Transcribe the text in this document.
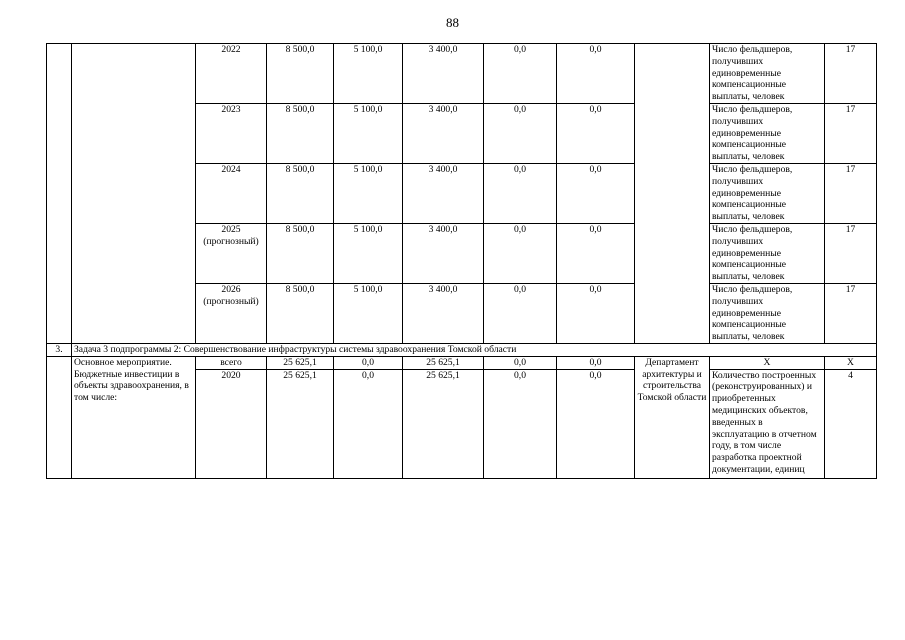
88
		2022	8 500,0	5 100,0	3 400,0	0,0	0,0		Число фельдшеров, получивших единовременные компенсационные выплаты, человек	17
		2023	8 500,0	5 100,0	3 400,0	0,0	0,0		Число фельдшеров, получивших единовременные компенсационные выплаты, человек	17
		2024	8 500,0	5 100,0	3 400,0	0,0	0,0		Число фельдшеров, получивших единовременные компенсационные выплаты, человек	17
		2025 (прогнозный)	8 500,0	5 100,0	3 400,0	0,0	0,0		Число фельдшеров, получивших единовременные компенсационные выплаты, человек	17
		2026 (прогнозный)	8 500,0	5 100,0	3 400,0	0,0	0,0		Число фельдшеров, получивших единовременные компенсационные выплаты, человек	17
3.	Задача 3 подпрограммы 2: Совершенствование инфраструктуры системы здравоохранения Томской области									
	Основное мероприятие. Бюджетные инвестиции в объекты здравоохранения, в том числе:	всего	25 625,1	0,0	25 625,1	0,0	0,0	Департамент архитектуры и строительства Томской области	X	X
		2020	25 625,1	0,0	25 625,1	0,0	0,0		Количество построенных (реконструированных) и приобретенных медицинских объектов, введенных в эксплуатацию в отчетном году, в том числе разработка проектной документации, единиц	4
